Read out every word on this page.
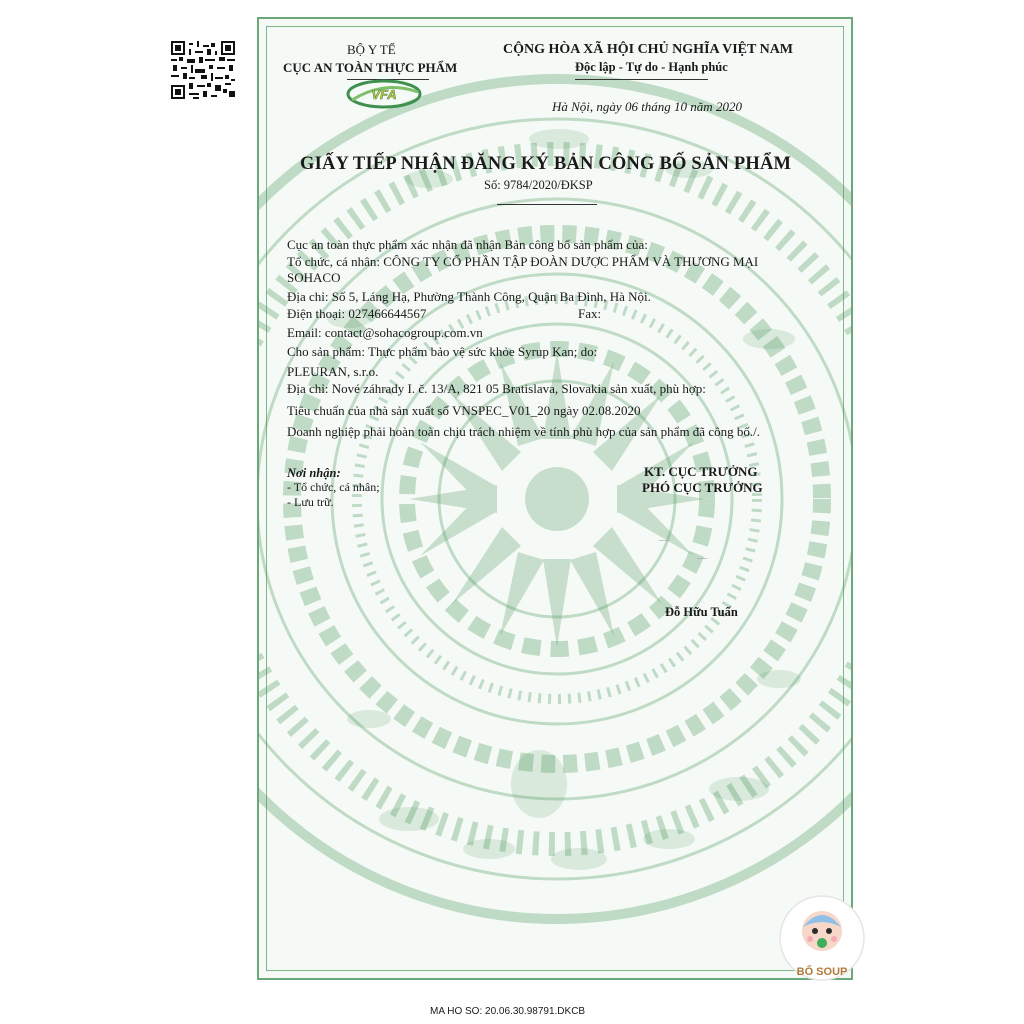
BỘ Y TẾ
CỤC AN TOÀN THỰC PHẨM
VFA
CỘNG HÒA XÃ HỘI CHỦ NGHĨA VIỆT NAM
Độc lập - Tự do - Hạnh phúc
Hà Nội, ngày 06 tháng 10 năm 2020
GIẤY TIẾP NHẬN ĐĂNG KÝ BẢN CÔNG BỐ SẢN PHẨM
Số: 9784/2020/ĐKSP
Cục an toàn thực phẩm xác nhận đã nhận Bản công bố sản phẩm của:
Tổ chức, cá nhân: CÔNG TY CỔ PHẦN TẬP ĐOÀN DƯỢC PHẨM VÀ THƯƠNG MẠI
SOHACO
Địa chỉ: Số 5, Láng Hạ, Phường Thành Công, Quận Ba Đình, Hà Nội.
Điện thoại: 027466644567	Fax:
Email: contact@sohacogroup.com.vn
Cho sản phẩm: Thực phẩm bảo vệ sức khỏe Syrup Kan; do:
PLEURAN, s.r.o.
Địa chỉ: Nové záhrady I. č. 13/A, 821 05 Bratislava, Slovakia sản xuất, phù hợp:
Tiêu chuẩn của nhà sản xuất số VNSPEC_V01_20 ngày 02.08.2020
Doanh nghiệp phải hoàn toàn chịu trách nhiệm về tính phù hợp của sản phẩm đã công bố./.
Nơi nhận:
- Tổ chức, cá nhân;
- Lưu trữ.
KT. CỤC TRƯỞNG
PHÓ CỤC TRƯỞNG
—
—
Đỗ Hữu Tuấn
BỐ SOUP
MA HO SO: 20.06.30.98791.DKCB
